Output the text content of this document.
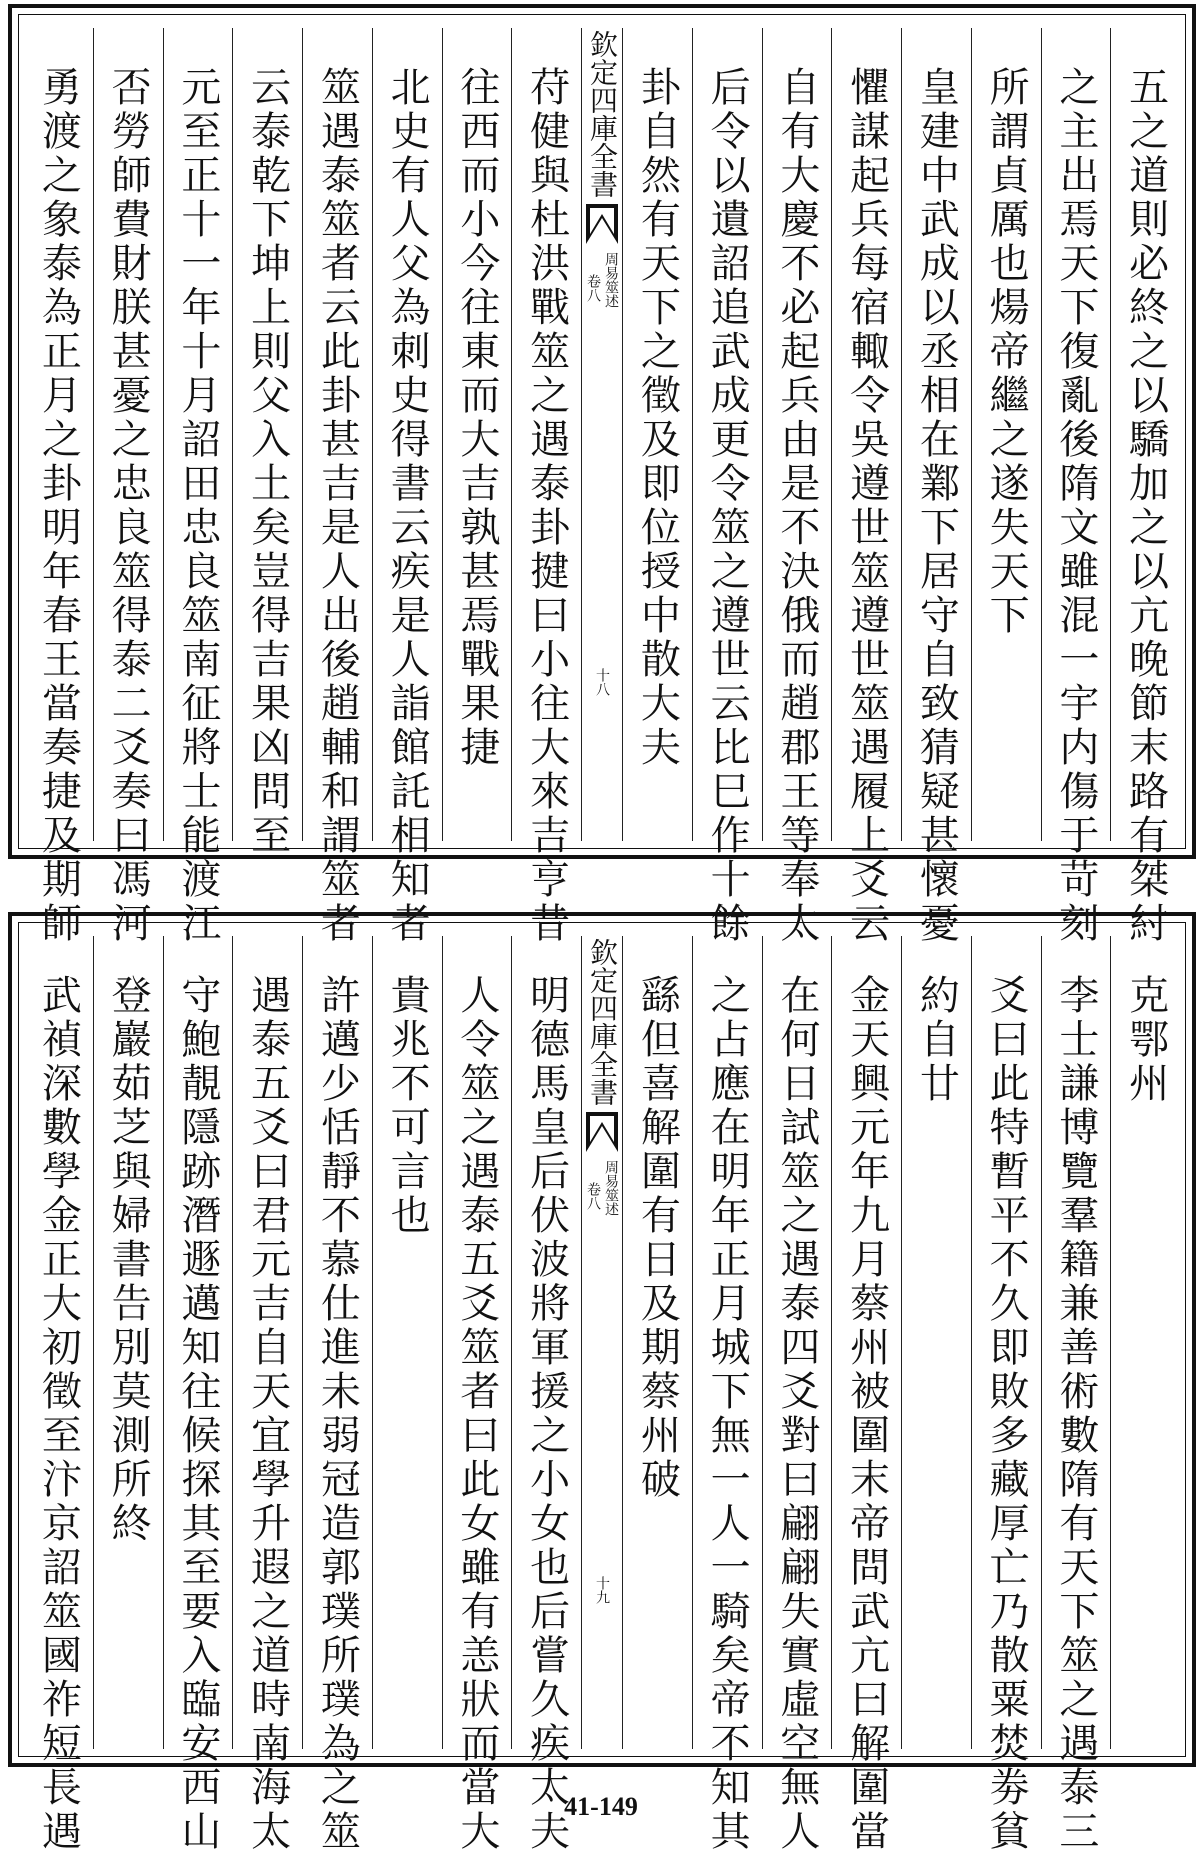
五之道則必終之以驕加之以亢晚節末路有桀紂
之主出焉天下復亂後隋文雖混一宇内傷于苛刻
所謂貞厲也煬帝繼之遂失天下
皇建中武成以丞相在鄴下居守自致猜疑甚懷憂
懼謀起兵每宿輙令吳遵世筮遵世筮遇履上爻云
自有大慶不必起兵由是不決俄而趙郡王等奉太
后令以遺詔追武成更令筮之遵世云比巳作十餘
卦自然有天下之徵及即位授中散大夫
欽定四庫全書
周易筮述
卷八
十八
苻健與杜洪戰筮之遇泰卦揵曰小往大來吉亨昔
往西而小今往東而大吉孰甚焉戰果捷
北史有人父為刺史得書云疾是人詣館託相知者
筮遇泰筮者云此卦甚吉是人出後趙輔和謂筮者
云泰乾下坤上則父入土矣豈得吉果凶問至
元至正十一年十月詔田忠良筮南征將士能渡江
否勞師費財朕甚憂之忠良筮得泰二爻奏曰馮河
勇渡之象泰為正月之卦明年春王當奏捷及期師
克鄂州
李士謙博覽羣籍兼善術數隋有天下筮之遇泰三
爻曰此特暫平不久即敗多藏厚亡乃散粟焚劵貧
約自廿
金天興元年九月蔡州被圍末帝問武亢曰解圍當
在何日試筮之遇泰四爻對曰翩翩失實虛空無人
之占應在明年正月城下無一人一騎矣帝不知其
繇但喜解圍有日及期蔡州破
欽定四庫全書
周易筮述
卷八
十九
明德馬皇后伏波將軍援之小女也后嘗久疾太夫
人令筮之遇泰五爻筮者曰此女雖有恙狀而當大
貴兆不可言也
許邁少恬靜不慕仕進未弱冠造郭璞所璞為之筮
遇泰五爻曰君元吉自天宜學升遐之道時南海太
守鮑靚隱跡潛遯邁知往候探其至要入臨安西山
登巖茹芝與婦書告別莫測所終
武禎深數學金正大初徵至汴京詔筮國祚短長遇	41-149
